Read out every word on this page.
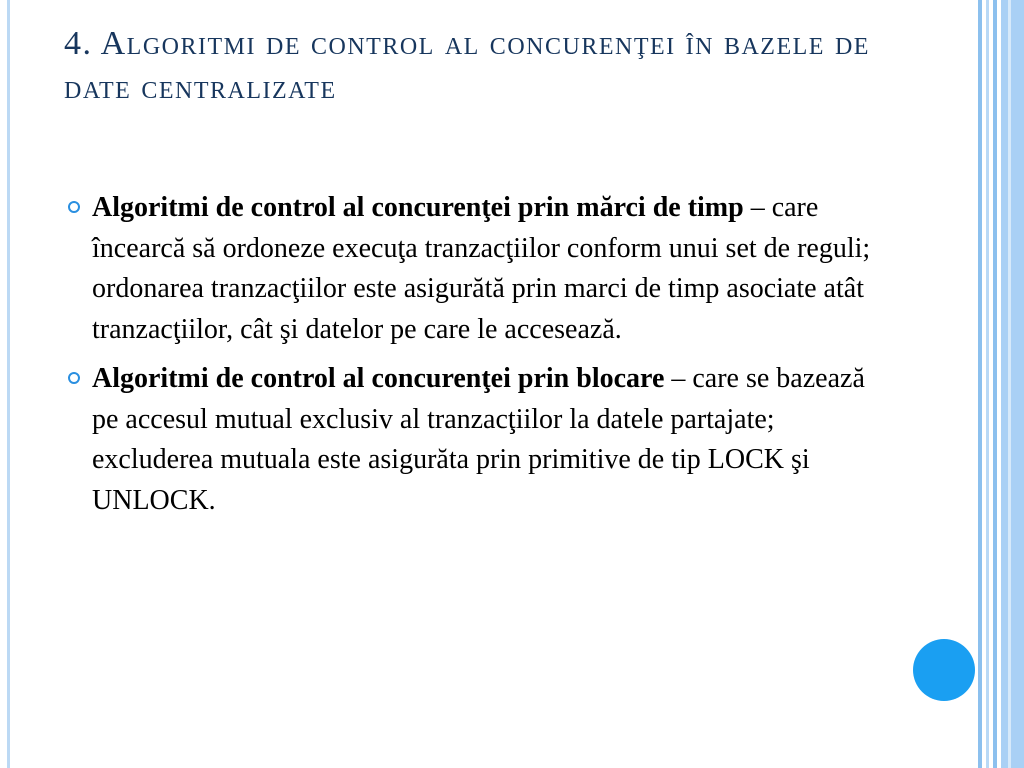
4. Algoritmi de control al concurenţei în bazele de date centralizate
Algoritmi de control al concurenţei prin mărci de timp – care încearcă să ordoneze execuţa tranzacţiilor conform unui set de reguli; ordonarea tranzacţiilor este asigurătă prin marci de timp asociate atât tranzacţiilor, cât şi datelor pe care le accesează.
Algoritmi de control al concurenţei prin blocare – care se bazează pe accesul mutual exclusiv al tranzacţiilor la datele partajate; excluderea mutuala este asigurăta prin primitive de tip LOCK şi UNLOCK.
